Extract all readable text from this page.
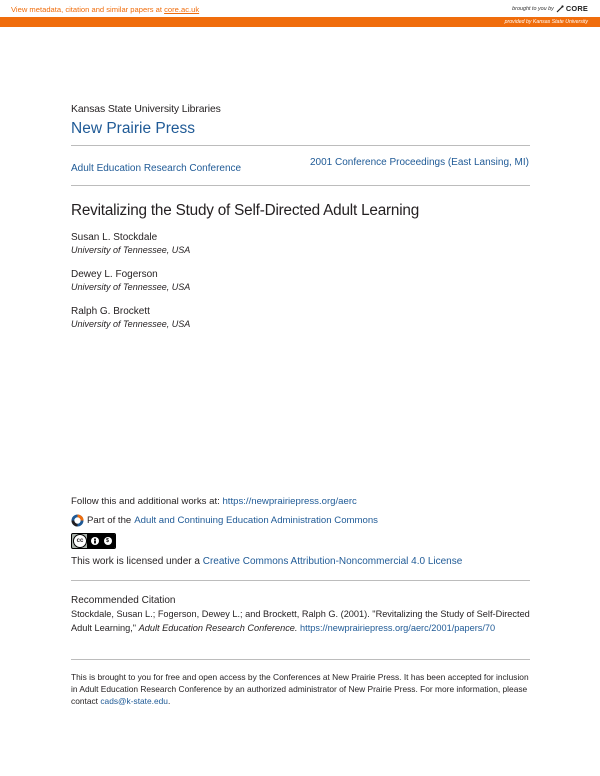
View metadata, citation and similar papers at core.ac.uk	brought to you by CORE
provided by Kansas State University
Kansas State University Libraries
New Prairie Press
Adult Education Research Conference
2001 Conference Proceedings (East Lansing, MI)
Revitalizing the Study of Self-Directed Adult Learning
Susan L. Stockdale
University of Tennessee, USA
Dewey L. Fogerson
University of Tennessee, USA
Ralph G. Brockett
University of Tennessee, USA
Follow this and additional works at: https://newprairiepress.org/aerc
Part of the Adult and Continuing Education Administration Commons
cc	$
This work is licensed under a Creative Commons Attribution-Noncommercial 4.0 License
Recommended Citation
Stockdale, Susan L.; Fogerson, Dewey L.; and Brockett, Ralph G. (2001). "Revitalizing the Study of Self-Directed Adult Learning," Adult Education Research Conference. https://newprairiepress.org/aerc/2001/papers/70
This is brought to you for free and open access by the Conferences at New Prairie Press. It has been accepted for inclusion in Adult Education Research Conference by an authorized administrator of New Prairie Press. For more information, please contact cads@k-state.edu.
